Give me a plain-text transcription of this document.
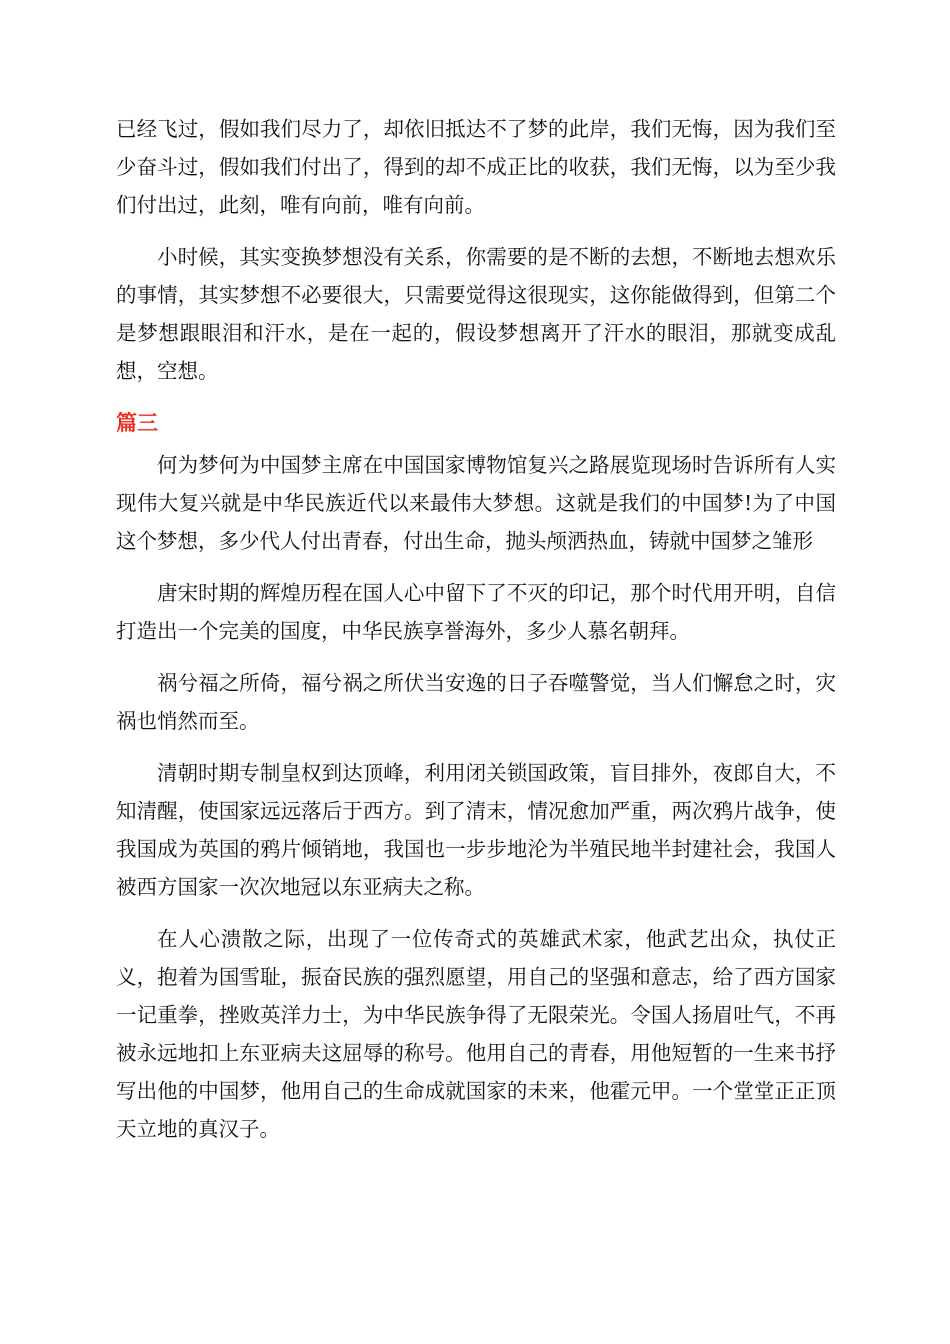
已经飞过，假如我们尽力了，却依旧抵达不了梦的此岸，我们无悔，因为我们至少奋斗过，假如我们付出了，得到的却不成正比的收获，我们无悔，以为至少我们付出过，此刻，唯有向前，唯有向前。

小时候，其实变换梦想没有关系，你需要的是不断的去想，不断地去想欢乐的事情，其实梦想不必要很大，只需要觉得这很现实，这你能做得到，但第二个是梦想跟眼泪和汗水，是在一起的，假设梦想离开了汗水的眼泪，那就变成乱想，空想。

篇三

何为梦何为中国梦主席在中国国家博物馆复兴之路展览现场时告诉所有人实现伟大复兴就是中华民族近代以来最伟大梦想。这就是我们的中国梦!为了中国这个梦想，多少代人付出青春，付出生命，抛头颅洒热血，铸就中国梦之雏形

唐宋时期的辉煌历程在国人心中留下了不灭的印记，那个时代用开明，自信打造出一个完美的国度，中华民族享誉海外，多少人慕名朝拜。

祸兮福之所倚，福兮祸之所伏当安逸的日子吞噬警觉，当人们懈怠之时，灾祸也悄然而至。

清朝时期专制皇权到达顶峰，利用闭关锁国政策，盲目排外，夜郎自大，不知清醒，使国家远远落后于西方。到了清末，情况愈加严重，两次鸦片战争，使我国成为英国的鸦片倾销地，我国也一步步地沦为半殖民地半封建社会，我国人被西方国家一次次地冠以东亚病夫之称。

在人心溃散之际，出现了一位传奇式的英雄武术家，他武艺出众，执仗正义，抱着为国雪耻，振奋民族的强烈愿望，用自己的坚强和意志，给了西方国家一记重拳，挫败英洋力士，为中华民族争得了无限荣光。令国人扬眉吐气，不再被永远地扣上东亚病夫这屈辱的称号。他用自己的青春，用他短暂的一生来书抒写出他的中国梦，他用自己的生命成就国家的未来，他霍元甲。一个堂堂正正顶天立地的真汉子。
